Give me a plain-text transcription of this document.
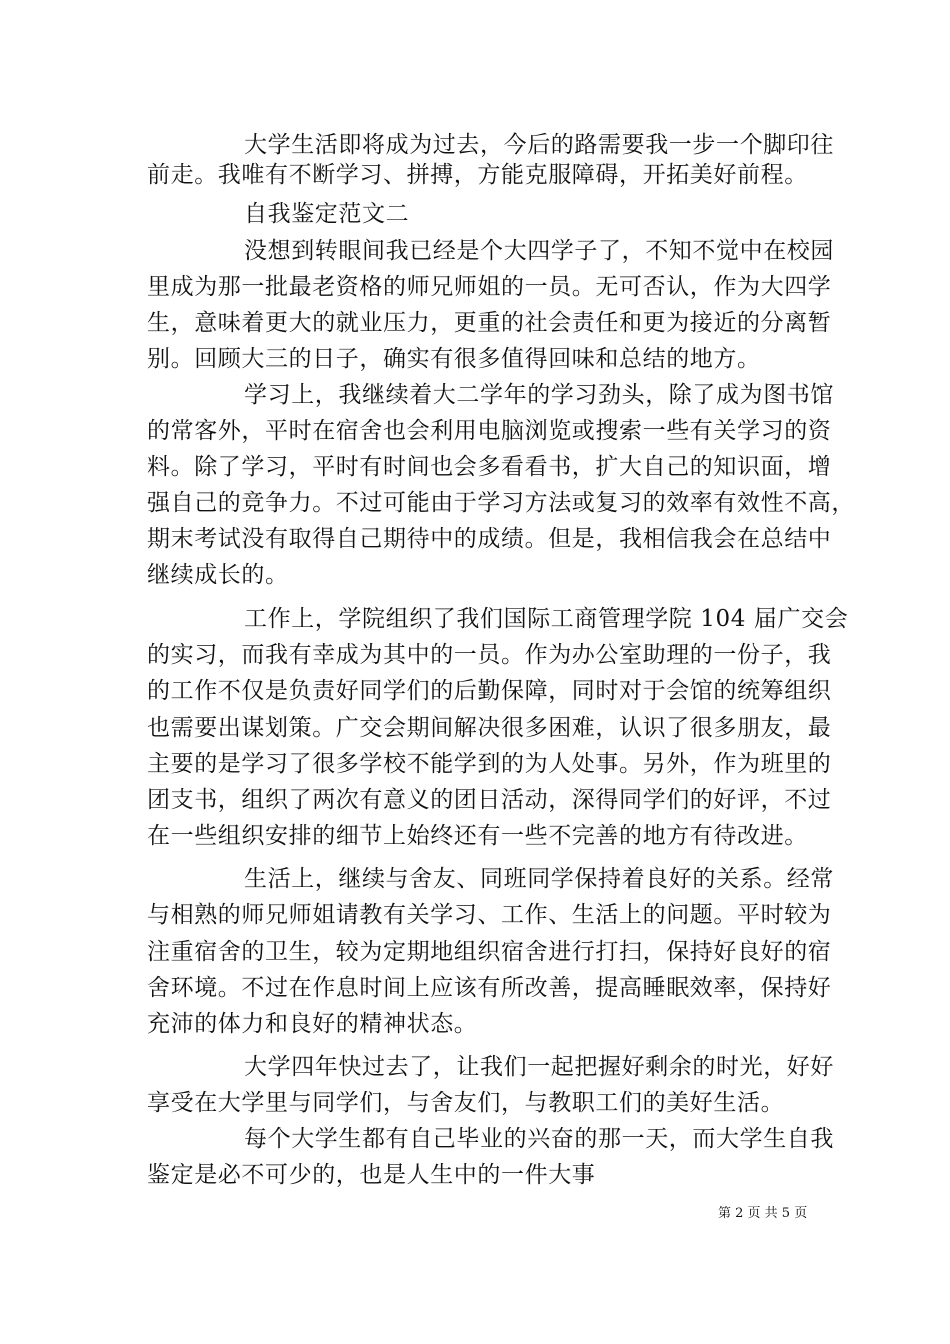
大学生活即将成为过去，今后的路需要我一步一个脚印往
前走。我唯有不断学习、拼搏，方能克服障碍，开拓美好前程。
自我鉴定范文二
没想到转眼间我已经是个大四学子了，不知不觉中在校园
里成为那一批最老资格的师兄师姐的一员。无可否认，作为大四学
生，意味着更大的就业压力，更重的社会责任和更为接近的分离暂
别。回顾大三的日子，确实有很多值得回味和总结的地方。
学习上，我继续着大二学年的学习劲头，除了成为图书馆
的常客外，平时在宿舍也会利用电脑浏览或搜索一些有关学习的资
料。除了学习，平时有时间也会多看看书，扩大自己的知识面，增
强自己的竞争力。不过可能由于学习方法或复习的效率有效性不高，
期末考试没有取得自己期待中的成绩。但是，我相信我会在总结中
继续成长的。
工作上，学院组织了我们国际工商管理学院 104 届广交会
的实习，而我有幸成为其中的一员。作为办公室助理的一份子，我
的工作不仅是负责好同学们的后勤保障，同时对于会馆的统筹组织
也需要出谋划策。广交会期间解决很多困难，认识了很多朋友，最
主要的是学习了很多学校不能学到的为人处事。另外，作为班里的
团支书，组织了两次有意义的团日活动，深得同学们的好评，不过
在一些组织安排的细节上始终还有一些不完善的地方有待改进。
生活上，继续与舍友、同班同学保持着良好的关系。经常
与相熟的师兄师姐请教有关学习、工作、生活上的问题。平时较为
注重宿舍的卫生，较为定期地组织宿舍进行打扫，保持好良好的宿
舍环境。不过在作息时间上应该有所改善，提高睡眠效率，保持好
充沛的体力和良好的精神状态。
大学四年快过去了，让我们一起把握好剩余的时光，好好
享受在大学里与同学们，与舍友们，与教职工们的美好生活。
每个大学生都有自己毕业的兴奋的那一天，而大学生自我
鉴定是必不可少的，也是人生中的一件大事
第 2 页 共 5 页
